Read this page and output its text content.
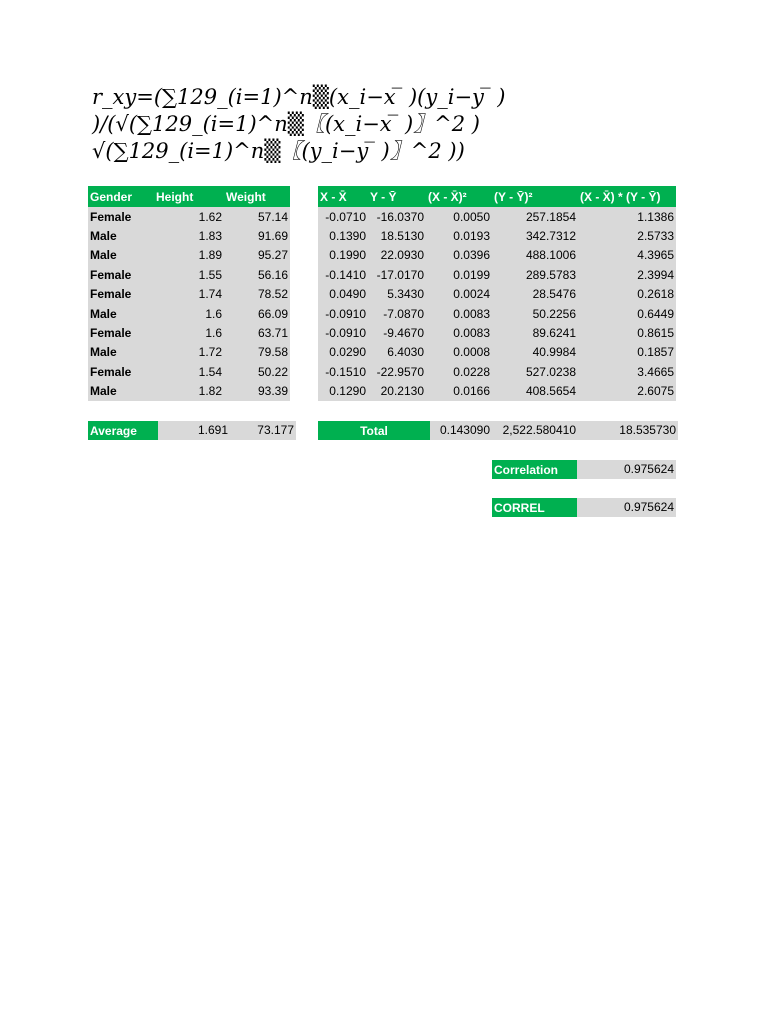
r_xy=(∑129_(i=1)^n▒(x_i−x ̅ )(y_i−y ̅ )
)/(√(∑129_(i=1)^n▒〖(x_i−x ̅ )〗^2 )
√(∑129_(i=1)^n▒〖(y_i−y ̅ )〗^2 ))
Gender	Height	Weight
Female	1.62	57.14
Male	1.83	91.69
Male	1.89	95.27
Female	1.55	56.16
Female	1.74	78.52
Male	1.6	66.09
Female	1.6	63.71
Male	1.72	79.58
Female	1.54	50.22
Male	1.82	93.39
X - X̄	Y - Ȳ	(X - X̄)²	(Y - Ȳ)²	(X - X̄) * (Y - Ȳ)
-0.0710	-16.0370	0.0050	257.1854	1.1386
0.1390	18.5130	0.0193	342.7312	2.5733
0.1990	22.0930	0.0396	488.1006	4.3965
-0.1410	-17.0170	0.0199	289.5783	2.3994
0.0490	5.3430	0.0024	28.5476	0.2618
-0.0910	-7.0870	0.0083	50.2256	0.6449
-0.0910	-9.4670	0.0083	89.6241	0.8615
0.0290	6.4030	0.0008	40.9984	0.1857
-0.1510	-22.9570	0.0228	527.0238	3.4665
0.1290	20.2130	0.0166	408.5654	2.6075
Average	1.691	73.177	Total	0.143090	2,522.580410	18.535730
Correlation	0.975624
CORREL	0.975624
